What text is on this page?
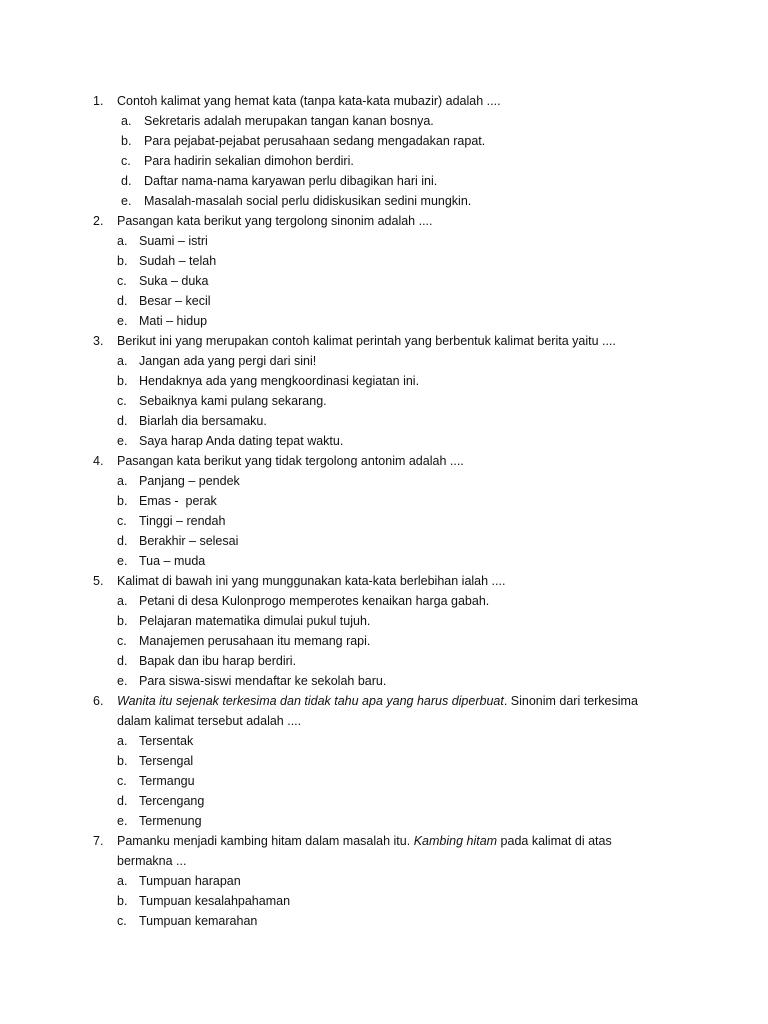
1. Contoh kalimat yang hemat kata (tanpa kata-kata mubazir) adalah ....
a. Sekretaris adalah merupakan tangan kanan bosnya.
b. Para pejabat-pejabat perusahaan sedang mengadakan rapat.
c. Para hadirin sekalian dimohon berdiri.
d. Daftar nama-nama karyawan perlu dibagikan hari ini.
e. Masalah-masalah social perlu didiskusikan sedini mungkin.
2. Pasangan kata berikut yang tergolong sinonim adalah ....
a. Suami – istri
b. Sudah – telah
c. Suka – duka
d. Besar – kecil
e. Mati – hidup
3. Berikut ini yang merupakan contoh kalimat perintah yang berbentuk kalimat berita yaitu ....
a. Jangan ada yang pergi dari sini!
b. Hendaknya ada yang mengkoordinasi kegiatan ini.
c. Sebaiknya kami pulang sekarang.
d. Biarlah dia bersamaku.
e. Saya harap Anda dating tepat waktu.
4. Pasangan kata berikut yang tidak tergolong antonim adalah ....
a. Panjang – pendek
b. Emas -  perak
c. Tinggi – rendah
d. Berakhir – selesai
e. Tua – muda
5. Kalimat di bawah ini yang munggunakan kata-kata berlebihan ialah ....
a. Petani di desa Kulonprogo memperotes kenaikan harga gabah.
b. Pelajaran matematika dimulai pukul tujuh.
c. Manajemen perusahaan itu memang rapi.
d. Bapak dan ibu harap berdiri.
e. Para siswa-siswi mendaftar ke sekolah baru.
6. Wanita itu sejenak terkesima dan tidak tahu apa yang harus diperbuat. Sinonim dari terkesima
dalam kalimat tersebut adalah ....
a. Tersentak
b. Tersengal
c. Termangu
d. Tercengang
e. Termenung
7. Pamanku menjadi kambing hitam dalam masalah itu. Kambing hitam pada kalimat di atas
bermakna ...
a. Tumpuan harapan
b. Tumpuan kesalahpahaman
c. Tumpuan kemarahan
